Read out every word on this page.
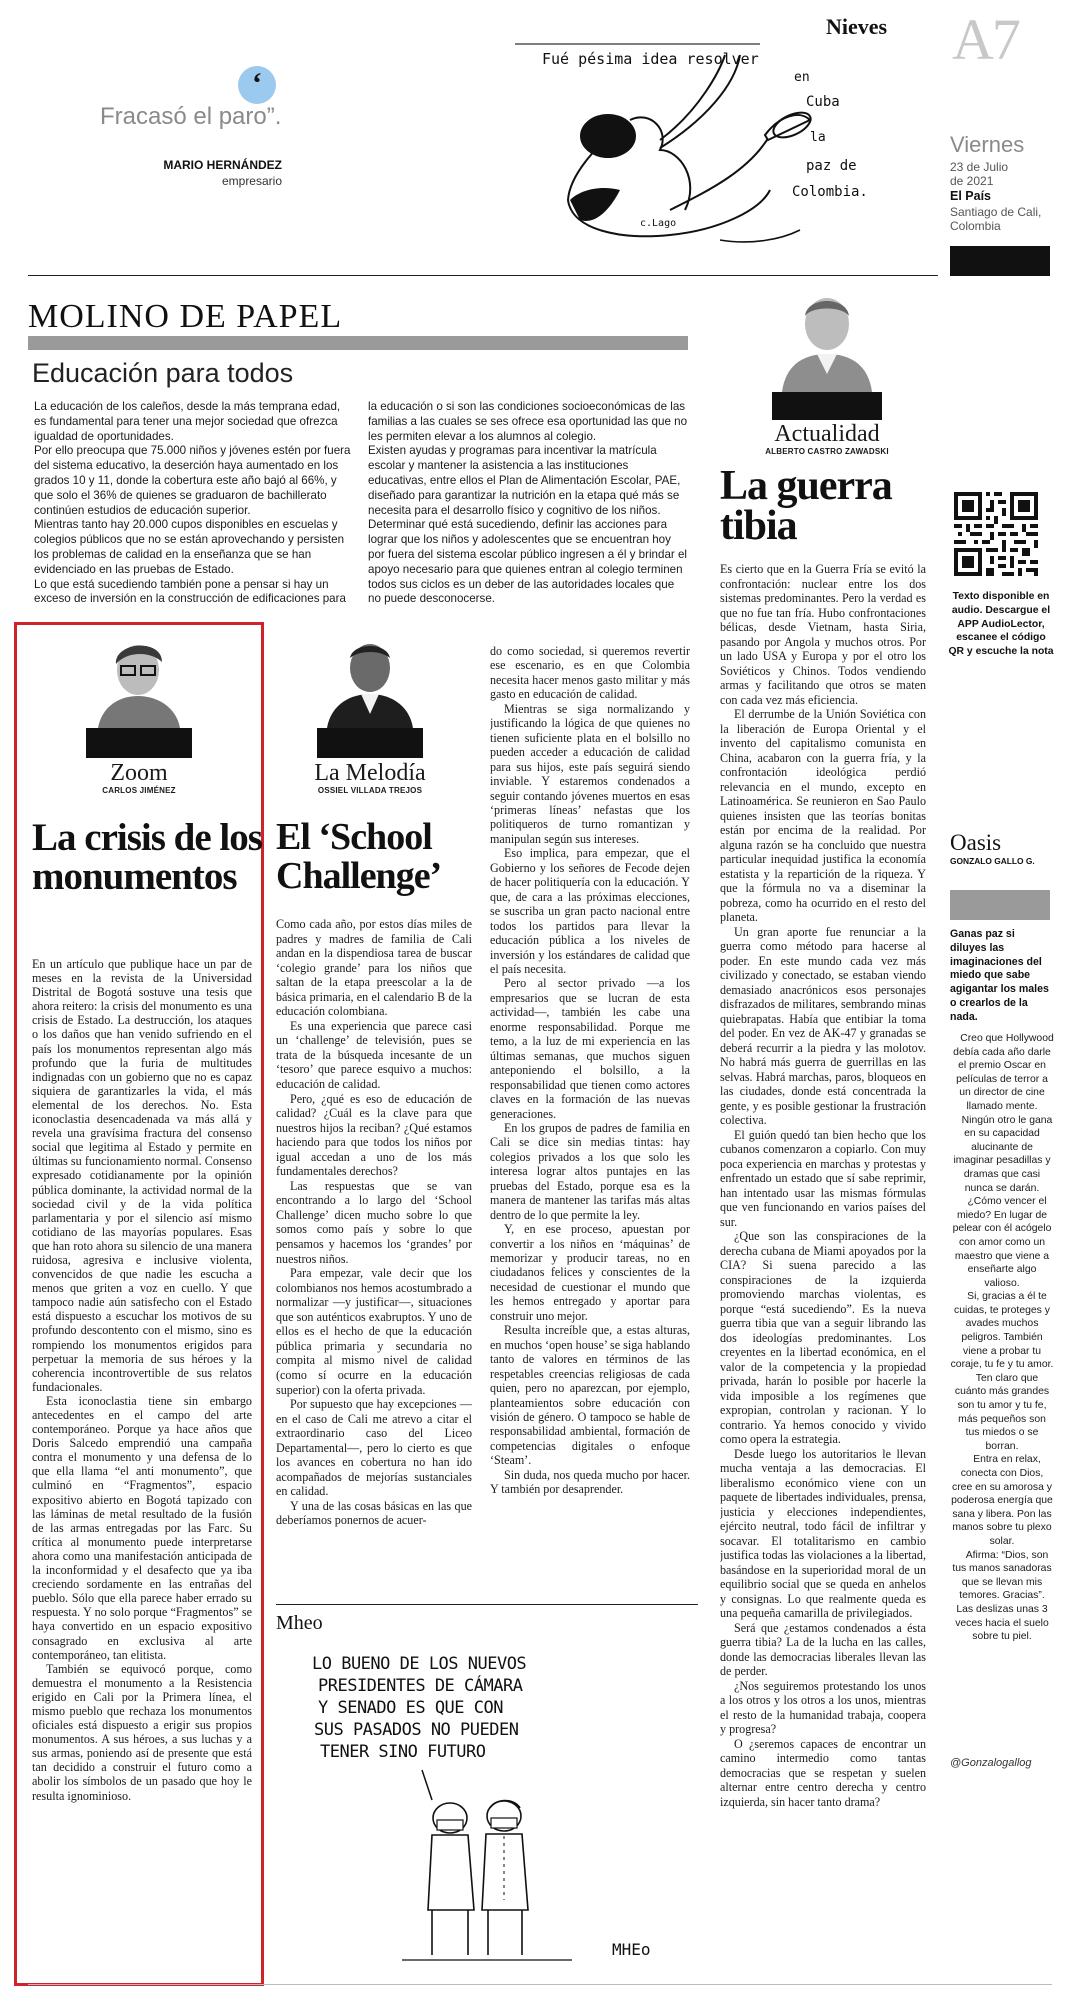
‘
Fracasó el paro”.
MARIO HERNÁNDEZ
empresario
Nieves
Fué pésima idea resolver
en
Cuba
la
paz de
Colombia.
c.Lago
A7
Viernes
23 de Julio
de 2021
El País
Santiago de Cali,
Colombia
MOLINO DE PAPEL
Educación para todos
La educación de los caleños, desde la más temprana edad, es fundamental para tener una mejor sociedad que ofrezca igualdad de oportunidades.
Por ello preocupa que 75.000 niños y jóvenes estén por fuera del sistema educativo, la deserción haya aumentado en los grados 10 y 11, donde la cobertura este año bajó al 66%, y que solo el 36% de quienes se graduaron de bachillerato continúen estudios de educación superior.
Mientras tanto hay 20.000 cupos disponibles en escuelas y colegios públicos que no se están aprovechando y persisten los problemas de calidad en la enseñanza que se han evidenciado en las pruebas de Estado.
Lo que está sucediendo también pone a pensar si hay un exceso de inversión en la construcción de edificaciones para
la educación o si son las condiciones socioeconómicas de las familias a las cuales se ses ofrece esa oportunidad las que no les permiten elevar a los alumnos al colegio.
Existen ayudas y programas para incentivar la matrícula escolar y mantener la asistencia a las instituciones educativas, entre ellos el Plan de Alimentación Escolar, PAE, diseñado para garantizar la nutrición en la etapa qué más se necesita para el desarrollo físico y cognitivo de los niños.
Determinar qué está sucediendo, definir las acciones para lograr que los niños y adolescentes que se encuentran hoy por fuera del sistema escolar público ingresen a él y brindar el apoyo necesario para que quienes entran al colegio terminen todos sus ciclos es un deber de las autoridades locales que no puede desconocerse.
Actualidad
ALBERTO CASTRO ZAWADSKI
La guerra tibia

Es cierto que en la Guerra Fría se evitó la confrontación: nuclear entre los dos sistemas predominantes. Pero la verdad es que no fue tan fría. Hubo confrontaciones bélicas, desde Vietnam, hasta Siria, pasando por Angola y muchos otros. Por un lado USA y Europa y por el otro los Soviéticos y Chinos. Todos vendiendo armas y facilitando que otros se maten con cada vez más eficiencia.

El derrumbe de la Unión Soviética con la liberación de Europa Oriental y el invento del capitalismo comunista en China, acabaron con la guerra fría, y la confrontación ideológica perdió relevancia en el mundo, excepto en Latinoamérica. Se reunieron en Sao Paulo quienes insisten que las teorías bonitas están por encima de la realidad. Por alguna razón se ha concluido que nuestra particular inequidad justifica la economía estatista y la repartición de la riqueza. Y que la fórmula no va a diseminar la pobreza, como ha ocurrido en el resto del planeta.

Un gran aporte fue renunciar a la guerra como método para hacerse al poder. En este mundo cada vez más civilizado y conectado, se estaban viendo demasiado anacrónicos esos personajes disfrazados de militares, sembrando minas quiebrapatas. Había que entibiar la toma del poder. En vez de AK-47 y granadas se deberá recurrir a la piedra y las molotov. No habrá más guerra de guerrillas en las selvas. Habrá marchas, paros, bloqueos en las ciudades, donde está concentrada la gente, y es posible gestionar la frustración colectiva.

El guión quedó tan bien hecho que los cubanos comenzaron a copiarlo. Con muy poca experiencia en marchas y protestas y enfrentado un estado que sí sabe reprimir, han intentado usar las mismas fórmulas que ven funcionando en varios países del sur.

¿Que son las conspiraciones de la derecha cubana de Miami apoyados por la CIA? Si suena parecido a las conspiraciones de la izquierda promoviendo marchas violentas, es porque “está sucediendo”. Es la nueva guerra tibia que van a seguir librando las dos ideologías predominantes. Los creyentes en la libertad económica, en el valor de la competencia y la propiedad privada, harán lo posible por hacerle la vida imposible a los regímenes que expropian, controlan y racionan. Y lo contrario. Ya hemos conocido y vivido como opera la estrategia.

Desde luego los autoritarios le llevan mucha ventaja a las democracias. El liberalismo económico viene con un paquete de libertades individuales, prensa, justicia y elecciones independientes, ejército neutral, todo fácil de infiltrar y socavar. El totalitarismo en cambio justifica todas las violaciones a la libertad, basándose en la superioridad moral de un equilibrio social que se queda en anhelos y consignas. Lo que realmente queda es una pequeña camarilla de privilegiados.

Será que ¿estamos condenados a ésta guerra tibia? La de la lucha en las calles, donde las democracias liberales llevan las de perder.

¿Nos seguiremos protestando los unos a los otros y los otros a los unos, mientras el resto de la humanidad trabaja, coopera y progresa?

O ¿seremos capaces de encontrar un camino intermedio como tantas democracias que se respetan y suelen alternar entre centro derecha y centro izquierda, sin hacer tanto drama?

Texto disponible en audio. Descargue el APP AudioLector, escanee el código QR y escuche la nota
Oasis
GONZALO GALLO G.
Ganas paz si diluyes las imaginaciones del miedo que sabe agigantar los males o crearlos de la nada.

Creo que Hollywood debía cada año darle el premio Oscar en películas de terror a un director de cine llamado mente.

Ningún otro le gana en su capacidad alucinante de imaginar pesadillas y dramas que casi nunca se darán.

¿Cómo vencer el miedo? En lugar de pelear con él acógelo con amor como un maestro que viene a enseñarte algo valioso.

Si, gracias a él te cuidas, te proteges y avades muchos peligros. También viene a probar tu coraje, tu fe y tu amor.

Ten claro que cuánto más grandes son tu amor y tu fe, más pequeños son tus miedos o se borran.

Entra en relax, conecta con Dios, cree en su amorosa y poderosa energía que sana y libera. Pon las manos sobre tu plexo solar.

Afirma: “Dios, son tus manos sanadoras que se llevan mis temores. Gracias”. Las deslizas unas 3 veces hacia el suelo sobre tu piel.

@Gonzalogallog
Zoom
CARLOS JIMÉNEZ
La crisis de los monumentos

En un artículo que publique hace un par de meses en la revista de la Universidad Distrital de Bogotá sostuve una tesis que ahora reitero: la crisis del monumento es una crisis de Estado. La destrucción, los ataques o los daños que han venido sufriendo en el país los monumentos representan algo más profundo que la furia de multitudes indignadas con un gobierno que no es capaz siquiera de garantizarles la vida, el más elemental de los derechos. No. Esta iconoclastia desencadenada va más allá y revela una gravísima fractura del consenso social que legitima al Estado y permite en últimas su funcionamiento normal. Consenso expresado cotidianamente por la opinión pública dominante, la actividad normal de la sociedad civil y de la vida política parlamentaria y por el silencio así mismo cotidiano de las mayorías populares. Esas que han roto ahora su silencio de una manera ruidosa, agresiva e inclusive violenta, convencidos de que nadie les escucha a menos que griten a voz en cuello. Y que tampoco nadie aún satisfecho con el Estado está dispuesto a escuchar los motivos de su profundo descontento con el mismo, sino es rompiendo los monumentos erigidos para perpetuar la memoria de sus héroes y la coherencia incontrovertible de sus relatos fundacionales.

Esta iconoclastia tiene sin embargo antecedentes en el campo del arte contemporáneo. Porque ya hace años que Doris Salcedo emprendió una campaña contra el monumento y una defensa de lo que ella llama “el anti monumento”, que culminó en “Fragmentos”, espacio expositivo abierto en Bogotá tapizado con las láminas de metal resultado de la fusión de las armas entregadas por las Farc. Su crítica al monumento puede interpretarse ahora como una manifestación anticipada de la inconformidad y el desafecto que ya iba creciendo sordamente en las entrañas del pueblo. Sólo que ella parece haber errado su respuesta. Y no solo porque “Fragmentos” se haya convertido en un espacio expositivo consagrado en exclusiva al arte contemporáneo, tan elitista.

También se equivocó porque, como demuestra el monumento a la Resistencia erigido en Cali por la Primera línea, el mismo pueblo que rechaza los monumentos oficiales está dispuesto a erigir sus propios monumentos. A sus héroes, a sus luchas y a sus armas, poniendo así de presente que está tan decidido a construir el futuro como a abolir los símbolos de un pasado que hoy le resulta ignominioso.

La Melodía
OSSIEL VILLADA TREJOS
El ‘School Challenge’

Como cada año, por estos días miles de padres y madres de familia de Cali andan en la dispendiosa tarea de buscar ‘colegio grande’ para los niños que saltan de la etapa preescolar a la de básica primaria, en el calendario B de la educación colombiana.

Es una experiencia que parece casi un ‘challenge’ de televisión, pues se trata de la búsqueda incesante de un ‘tesoro’ que parece esquivo a muchos: educación de calidad.

Pero, ¿qué es eso de educación de calidad? ¿Cuál es la clave para que nuestros hijos la reciban? ¿Qué estamos haciendo para que todos los niños por igual accedan a uno de los más fundamentales derechos?

Las respuestas que se van encontrando a lo largo del ‘School Challenge’ dicen mucho sobre lo que somos como país y sobre lo que pensamos y hacemos los ‘grandes’ por nuestros niños.

Para empezar, vale decir que los colombianos nos hemos acostumbrado a normalizar —y justificar—, situaciones que son auténticos exabruptos. Y uno de ellos es el hecho de que la educación pública primaria y secundaria no compita al mismo nivel de calidad (como sí ocurre en la educación superior) con la oferta privada.

Por supuesto que hay excepciones —en el caso de Cali me atrevo a citar el extraordinario caso del Liceo Departamental—, pero lo cierto es que los avances en cobertura no han ido acompañados de mejorías sustanciales en calidad.

Y una de las cosas básicas en las que deberíamos ponernos de acuer-

do como sociedad, si queremos revertir ese escenario, es en que Colombia necesita hacer menos gasto militar y más gasto en educación de calidad.

Mientras se siga normalizando y justificando la lógica de que quienes no tienen suficiente plata en el bolsillo no pueden acceder a educación de calidad para sus hijos, este país seguirá siendo inviable. Y estaremos condenados a seguir contando jóvenes muertos en esas ‘primeras líneas’ nefastas que los politiqueros de turno romantizan y manipulan según sus intereses.

Eso implica, para empezar, que el Gobierno y los señores de Fecode dejen de hacer politiquería con la educación. Y que, de cara a las próximas elecciones, se suscriba un gran pacto nacional entre todos los partidos para llevar la educación pública a los niveles de inversión y los estándares de calidad que el país necesita.

Pero al sector privado —a los empresarios que se lucran de esta actividad—, también les cabe una enorme responsabilidad. Porque me temo, a la luz de mi experiencia en las últimas semanas, que muchos siguen anteponiendo el bolsillo, a la responsabilidad que tienen como actores claves en la formación de las nuevas generaciones.

En los grupos de padres de familia en Cali se dice sin medias tintas: hay colegios privados a los que solo les interesa lograr altos puntajes en las pruebas del Estado, porque esa es la manera de mantener las tarifas más altas dentro de lo que permite la ley.

Y, en ese proceso, apuestan por convertir a los niños en ‘máquinas’ de memorizar y producir tareas, no en ciudadanos felices y conscientes de la necesidad de cuestionar el mundo que les hemos entregado y aportar para construir uno mejor.

Resulta increíble que, a estas alturas, en muchos ‘open house’ se siga hablando tanto de valores en términos de las respetables creencias religiosas de cada quien, pero no aparezcan, por ejemplo, planteamientos sobre educación con visión de género. O tampoco se hable de responsabilidad ambiental, formación de competencias digitales o enfoque ‘Steam’.

Sin duda, nos queda mucho por hacer. Y también por desaprender.

Mheo
LO BUENO DE LOS NUEVOS
PRESIDENTES DE CÁMARA
Y SENADO ES QUE CON
SUS PASADOS NO PUEDEN
TENER SINO FUTURO
MHEo
